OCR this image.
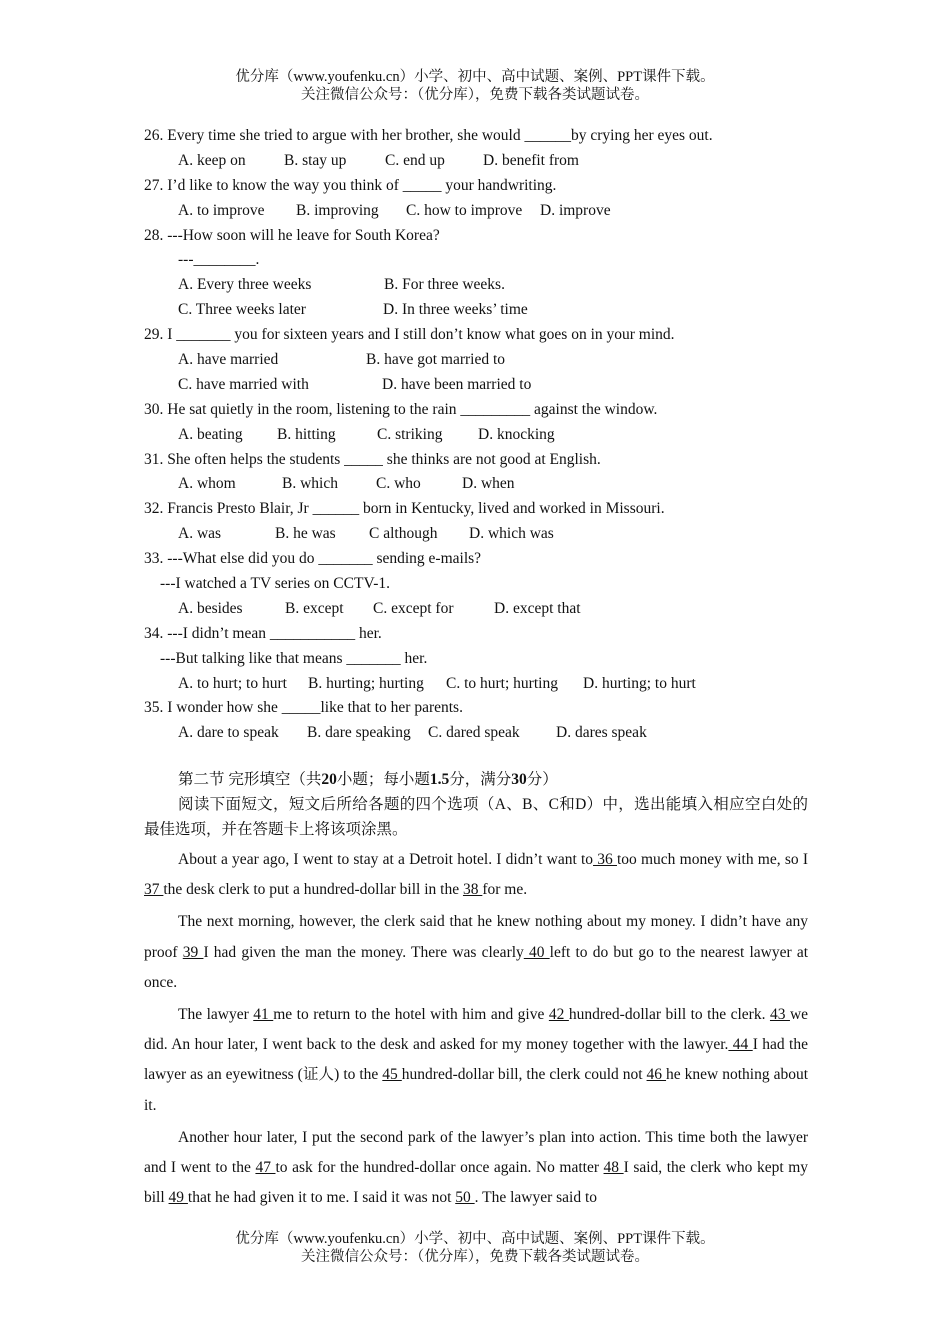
优分库（www.youfenku.cn）小学、初中、高中试题、案例、PPT课件下载。
关注微信公众号：（优分库），免费下载各类试题试卷。
26. Every time she tried to argue with her brother, she would ______by crying her eyes out.
A. keep on B. stay up C. end up D. benefit from
27. I’d like to know the way you think of _____ your handwriting.
A. to improve B. improving C. how to improve D. improve
28. ---How soon will he leave for South Korea?
---________.
A. Every three weeks	B. For three weeks.
C. Three weeks later	D. In three weeks’ time
29. I _______ you for sixteen years and I still don’t know what goes on in your mind.
A. have married	B. have got married to
C. have married with	D. have been married to
30. He sat quietly in the room, listening to the rain _________ against the window.
A. beating B. hitting	C. striking D. knocking
31. She often helps the students _____ she thinks are not good at English.
A. whom	B. which C. who	D. when
32. Francis Presto Blair, Jr ______ born in Kentucky, lived and worked in Missouri.
A. was	B. he was C although D. which was
33. ---What else did you do _______ sending e-mails?
---I watched a TV series on CCTV-1.
A. besides	B. except C. except for	D. except that
34. ---I didn’t mean ___________ her.
---But talking like that means _______ her.
A. to hurt; to hurt B. hurting; hurting C. to hurt; hurting D. hurting; to hurt
35. I wonder how she _____like that to her parents.
A. dare to speak B. dare speaking C. dared speak D. dares speak
第二节 完形填空（共20小题；每小题1.5分，满分30分）
阅读下面短文，短文后所给各题的四个选项（A、B、C和D）中，选出能填入相应空白处的最佳选项，并在答题卡上将该项涂黑。
About a year ago, I went to stay at a Detroit hotel. I didn’t want to 36 too much money with me, so I 37 the desk clerk to put a hundred-dollar bill in the 38 for me.
The next morning, however, the clerk said that he knew nothing about my money. I didn’t have any proof 39 I had given the man the money. There was clearly 40 left to do but go to the nearest lawyer at once.
The lawyer 41 me to return to the hotel with him and give 42 hundred-dollar bill to the clerk. 43 we did. An hour later, I went back to the desk and asked for my money together with the lawyer. 44 I had the lawyer as an eyewitness (证人) to the 45 hundred-dollar bill, the clerk could not 46 he knew nothing about it.
Another hour later, I put the second park of the lawyer’s plan into action. This time both the lawyer and I went to the 47 to ask for the hundred-dollar once again. No matter 48 I said, the clerk who kept my bill 49 that he had given it to me. I said it was not 50 . The lawyer said to
优分库（www.youfenku.cn）小学、初中、高中试题、案例、PPT课件下载。
关注微信公众号：（优分库），免费下载各类试题试卷。
